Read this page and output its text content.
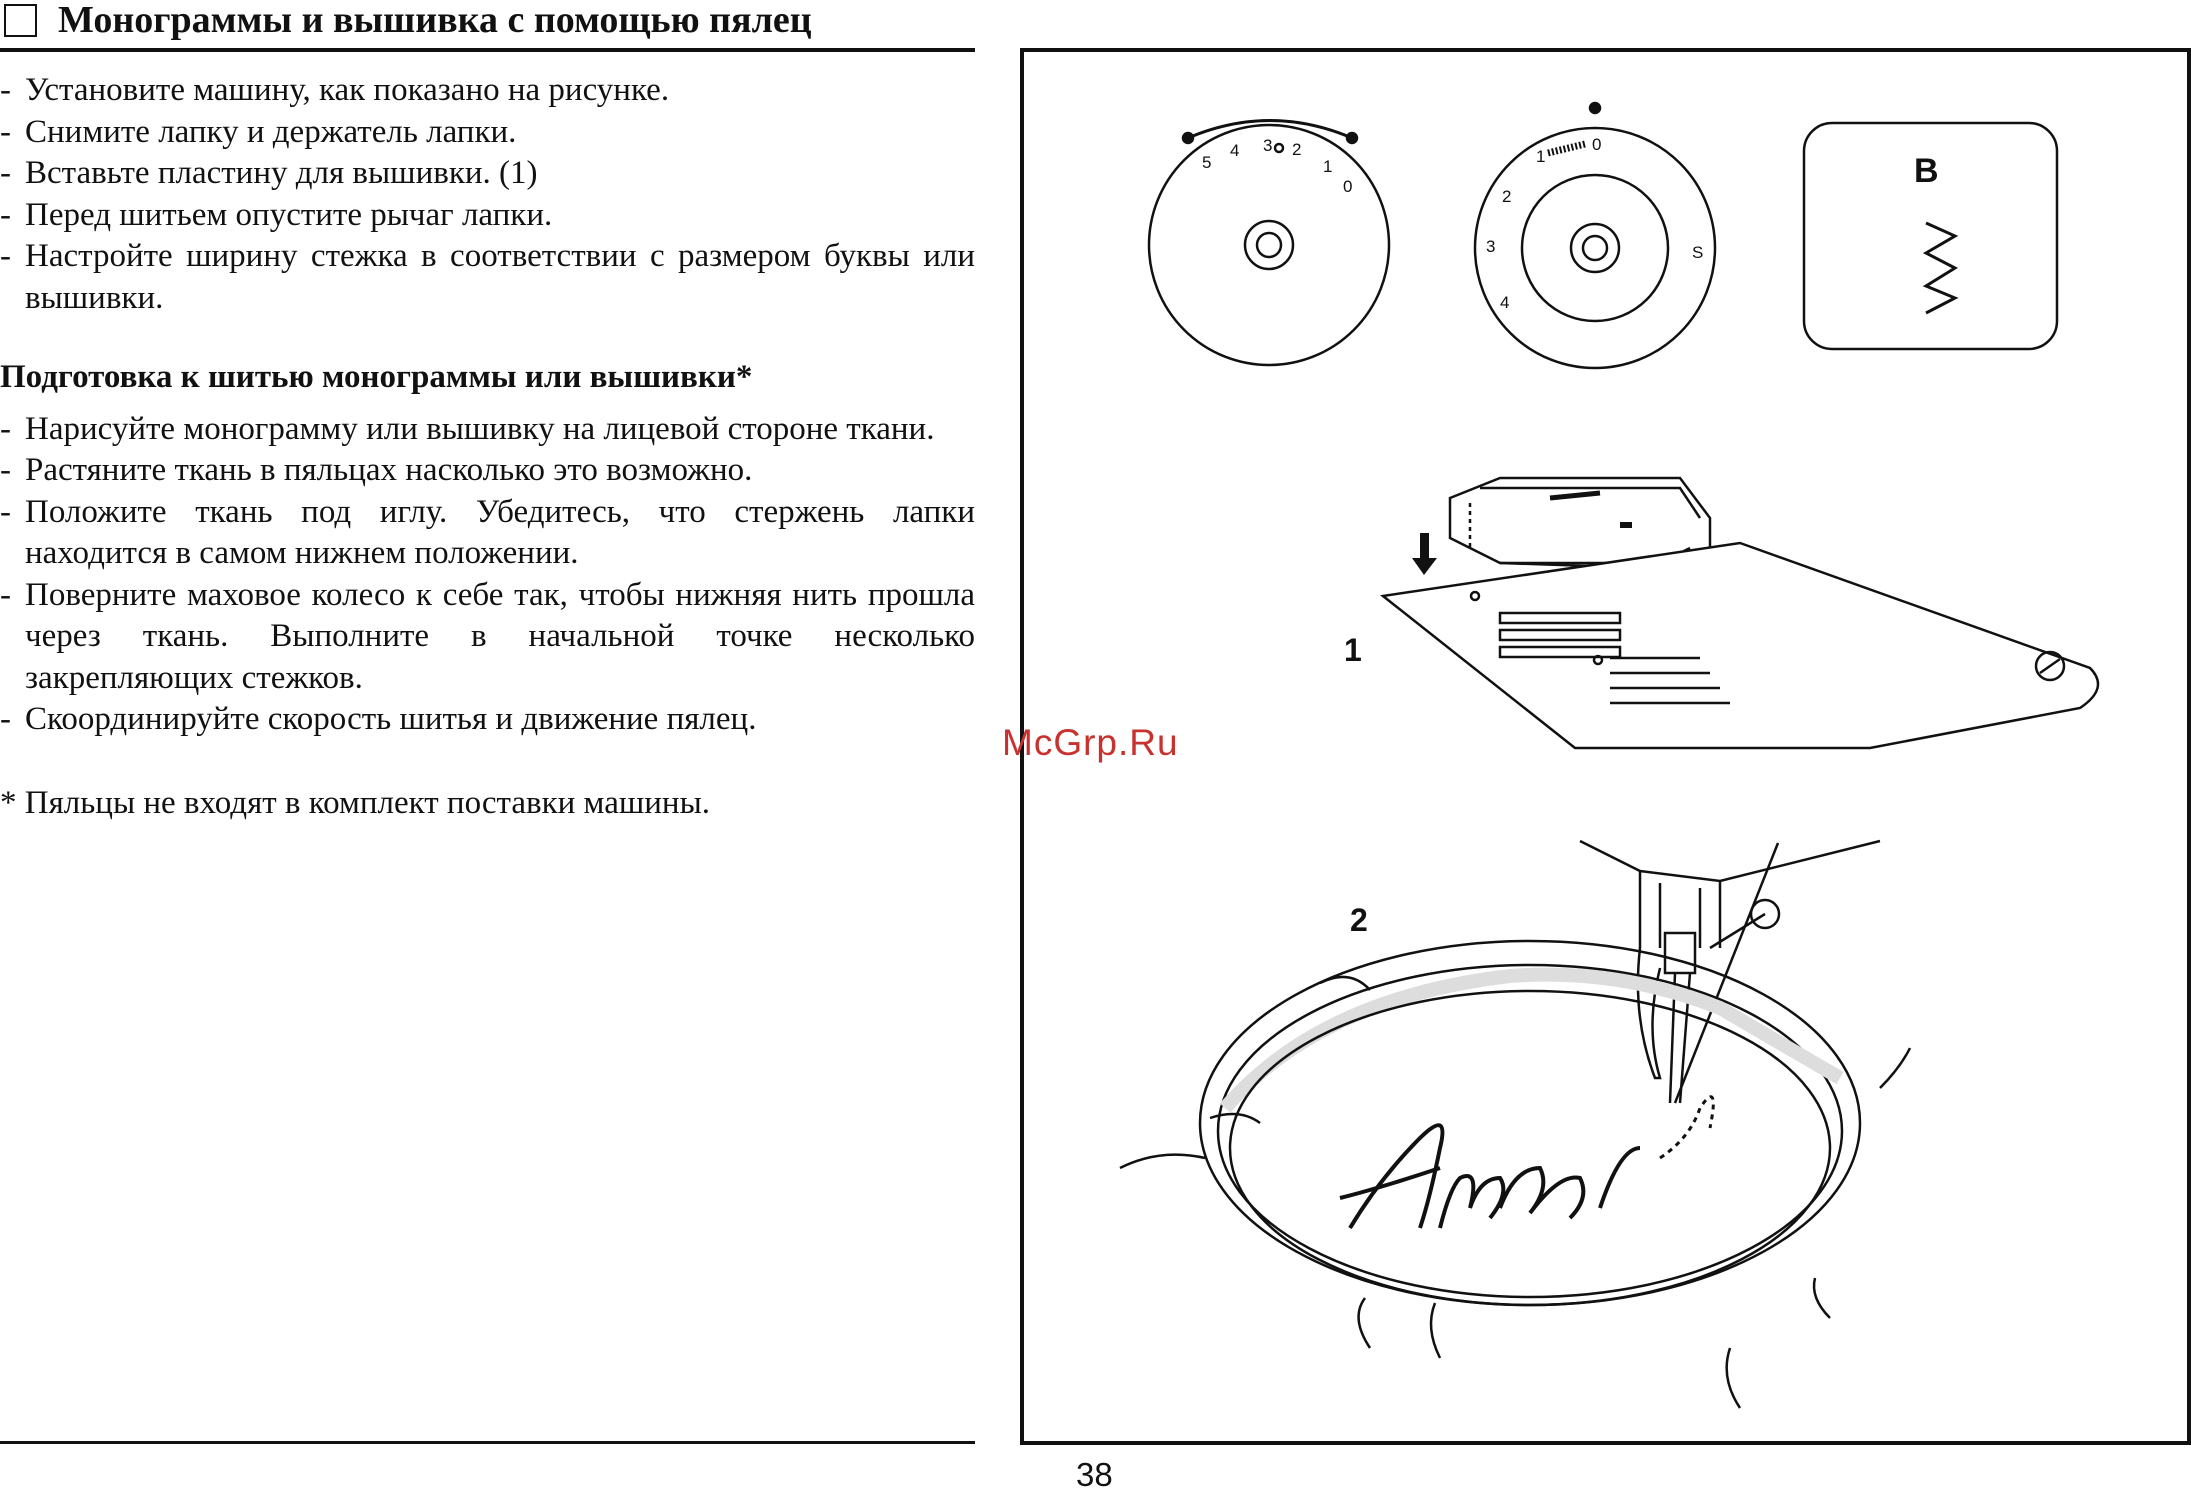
Монограммы и вышивка с помощью пялец
- Установите машину, как показано на рисунке.
- Снимите лапку и держатель лапки.
- Вставьте пластину для вышивки. (1)
- Перед шитьем опустите рычаг лапки.
- Настройте ширину стежка в соответствии с размером буквы или вышивки.
Подготовка к шитью монограммы или вышивки*
- Нарисуйте монограмму или вышивку на лицевой стороне ткани.
- Растяните ткань в пяльцах насколько это возможно.
- Положите ткань под иглу. Убедитесь, что стержень лапки находится в самом нижнем положении.
- Поверните маховое колесо к себе так, чтобы нижняя нить прошла через ткань. Выполните в начальной точке несколько закрепляющих стежков.
- Скоординируйте скорость шитья и движение пялец.
* Пяльцы не входят в комплект поставки машины.
5
4 3 2
1
0
1
0
2
3
4
S
B
1
2
McGrp.Ru
38
